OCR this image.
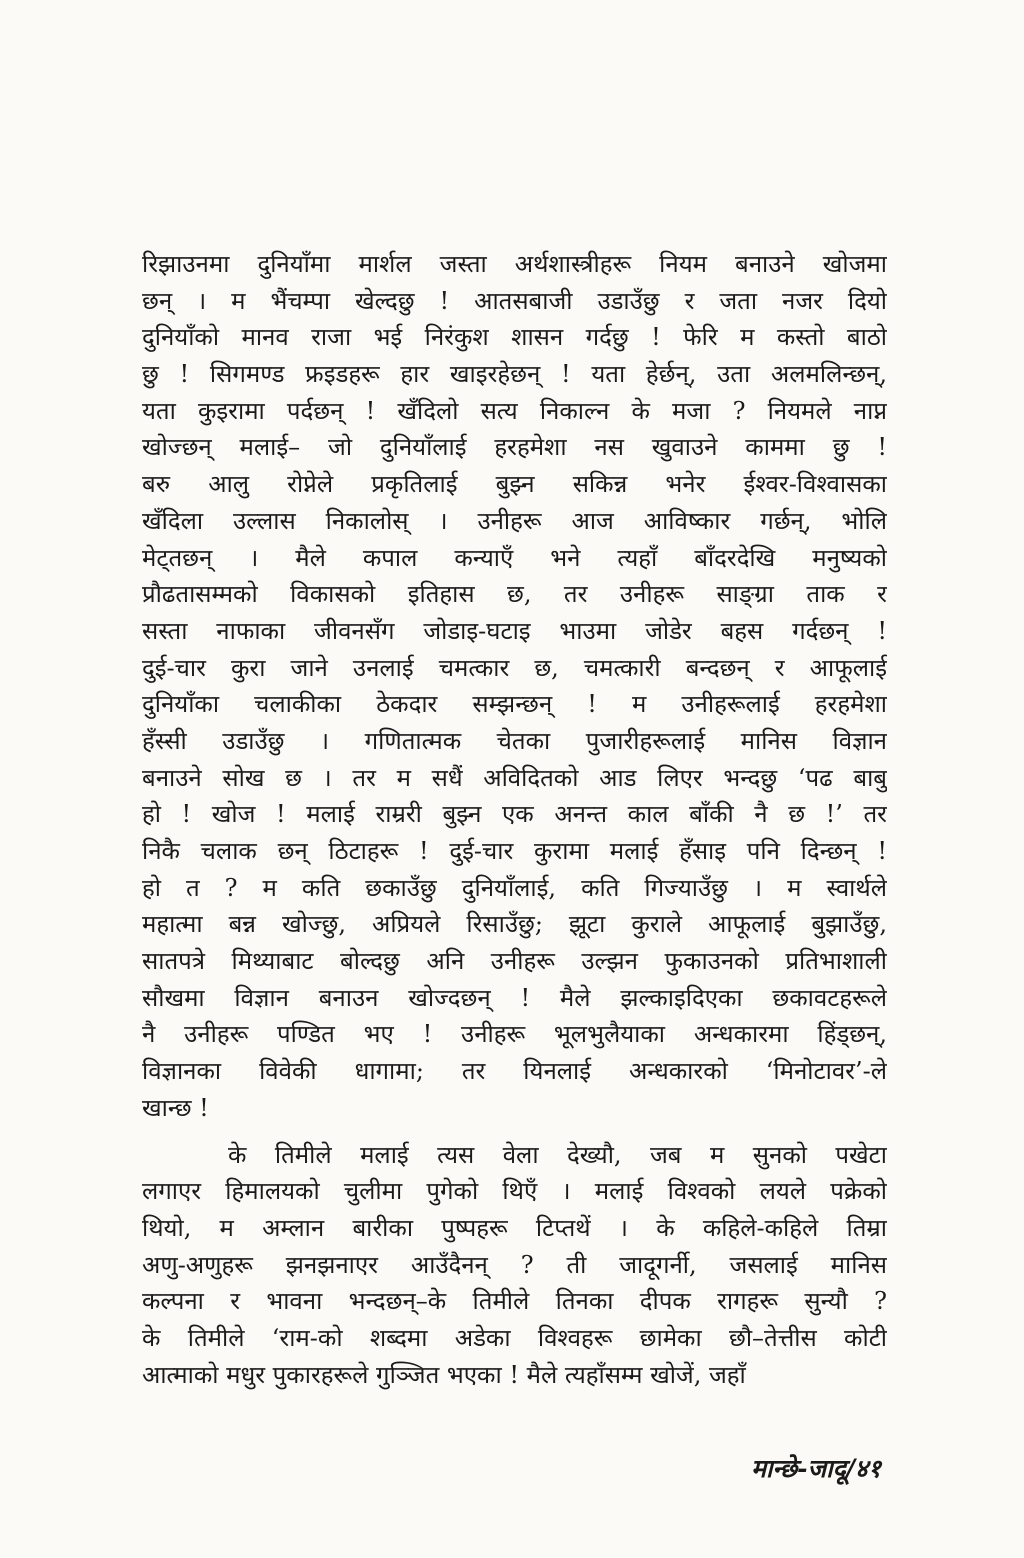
रिझाउनमा दुनियाँमा मार्शल जस्ता अर्थशास्त्रीहरू नियम बनाउने खोजमा
छन् । म भैंचम्पा खेल्दछु ! आतसबाजी उडाउँछु र जता नजर दियो
दुनियाँको मानव राजा भई निरंकुश शासन गर्दछु ! फेरि म कस्तो बाठो
छु ! सिगमण्ड फ्रइडहरू हार खाइरहेछन् ! यता हेर्छन्, उता अलमलिन्छन्,
यता कुइरामा पर्दछन् ! खँदिलो सत्य निकाल्न के मजा ? नियमले नाप्न
खोज्छन् मलाई– जो दुनियाँलाई हरहमेशा नस खुवाउने काममा छु !
बरु आलु रोप्नेले प्रकृतिलाई बुझ्न सकिन्न भनेर ईश्वर-विश्वासका
खँदिला उल्लास निकालोस् । उनीहरू आज आविष्कार गर्छन्, भोलि
मेट्तछन् । मैले कपाल कन्याएँ भने त्यहाँ बाँदरदेखि मनुष्यको
प्रौढतासम्मको विकासको इतिहास छ, तर उनीहरू साङ्ग्रा ताक र
सस्ता नाफाका जीवनसँग जोडाइ-घटाइ भाउमा जोडेर बहस गर्दछन् !
दुई-चार कुरा जाने उनलाई चमत्कार छ, चमत्कारी बन्दछन् र आफूलाई
दुनियाँका चलाकीका ठेकदार सम्झन्छन् ! म उनीहरूलाई हरहमेशा
हँस्सी उडाउँछु । गणितात्मक चेतका पुजारीहरूलाई मानिस विज्ञान
बनाउने सोख छ । तर म सधैं अविदितको आड लिएर भन्दछु ‘पढ बाबु
हो ! खोज ! मलाई राम्ररी बुझ्न एक अनन्त काल बाँकी नै छ !’ तर
निकै चलाक छन् ठिटाहरू ! दुई-चार कुरामा मलाई हँसाइ पनि दिन्छन् !
हो त ? म कति छकाउँछु दुनियाँलाई, कति गिज्याउँछु । म स्वार्थले
महात्मा बन्न खोज्छु, अप्रियले रिसाउँछु; झूटा कुराले आफूलाई बुझाउँछु,
सातपत्रे मिथ्याबाट बोल्दछु अनि उनीहरू उल्झन फुकाउनको प्रतिभाशाली
सौखमा विज्ञान बनाउन खोज्दछन् ! मैले झल्काइदिएका छकावटहरूले
नै उनीहरू पण्डित भए ! उनीहरू भूलभुलैयाका अन्धकारमा हिंड्छन्,
विज्ञानका विवेकी धागामा; तर यिनलाई अन्धकारको ‘मिनोटावर’-ले
खान्छ !
के तिमीले मलाई त्यस वेला देख्यौ, जब म सुनको पखेटा
लगाएर हिमालयको चुलीमा पुगेको थिएँ । मलाई विश्वको लयले पक्रेको
थियो, म अम्लान बारीका पुष्पहरू टिप्तथें । के कहिले-कहिले तिम्रा
अणु-अणुहरू झनझनाएर आउँदैनन् ? ती जादूगर्नी, जसलाई मानिस
कल्पना र भावना भन्दछन्–के तिमीले तिनका दीपक रागहरू सुन्यौ ?
के तिमीले ‘राम-को शब्दमा अडेका विश्वहरू छामेका छौ–तेत्तीस कोटी
आत्माको मधुर पुकारहरूले गुञ्जित भएका ! मैले त्यहाँसम्म खोजें, जहाँ
मान्छे-जादू/४१
